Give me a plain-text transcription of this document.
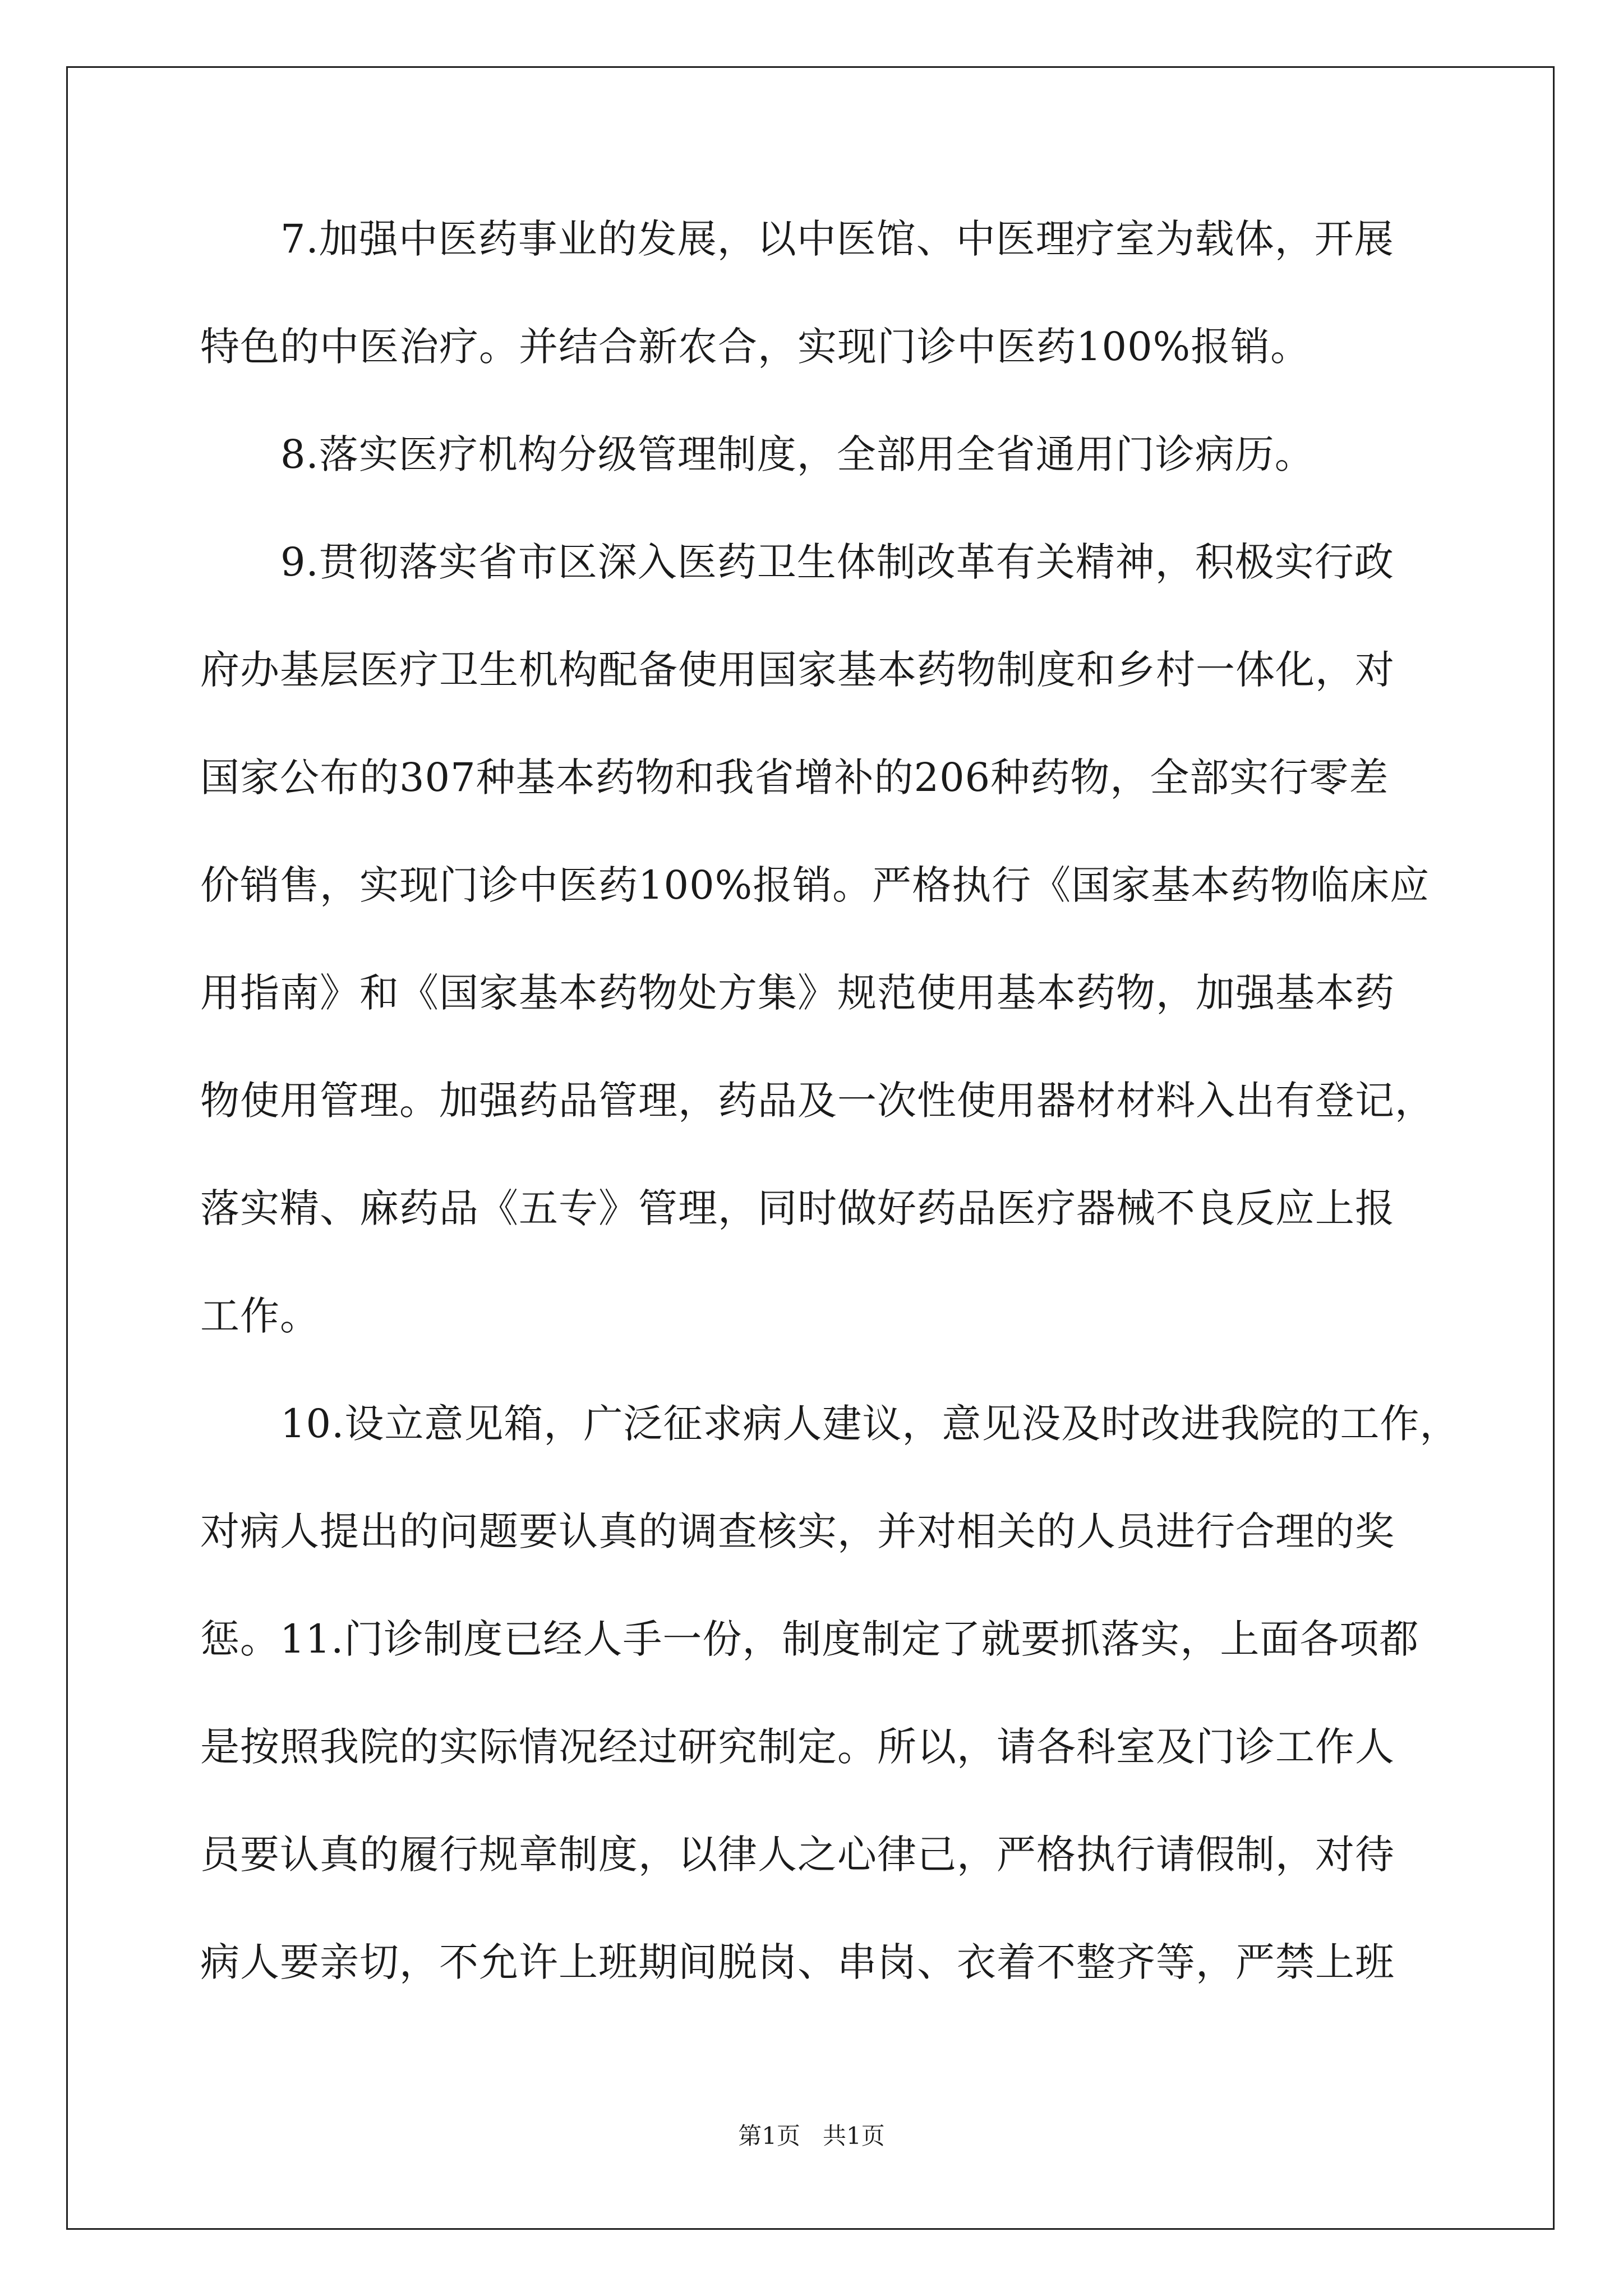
7.加强中医药事业的发展，以中医馆、中医理疗室为载体，开展
特色的中医治疗。并结合新农合，实现门诊中医药100%报销。
8.落实医疗机构分级管理制度，全部用全省通用门诊病历。
9.贯彻落实省市区深入医药卫生体制改革有关精神，积极实行政
府办基层医疗卫生机构配备使用国家基本药物制度和乡村一体化，对
国家公布的307种基本药物和我省增补的206种药物，全部实行零差
价销售，实现门诊中医药100%报销。严格执行《国家基本药物临床应
用指南》和《国家基本药物处方集》规范使用基本药物，加强基本药
物使用管理。加强药品管理，药品及一次性使用器材材料入出有登记，
落实精、麻药品《五专》管理，同时做好药品医疗器械不良反应上报
工作。
10.设立意见箱，广泛征求病人建议，意见没及时改进我院的工作，
对病人提出的问题要认真的调查核实，并对相关的人员进行合理的奖
惩。11.门诊制度已经人手一份，制度制定了就要抓落实，上面各项都
是按照我院的实际情况经过研究制定。所以，请各科室及门诊工作人
员要认真的履行规章制度，以律人之心律己，严格执行请假制，对待
病人要亲切，不允许上班期间脱岗、串岗、衣着不整齐等，严禁上班
第1页 共1页
